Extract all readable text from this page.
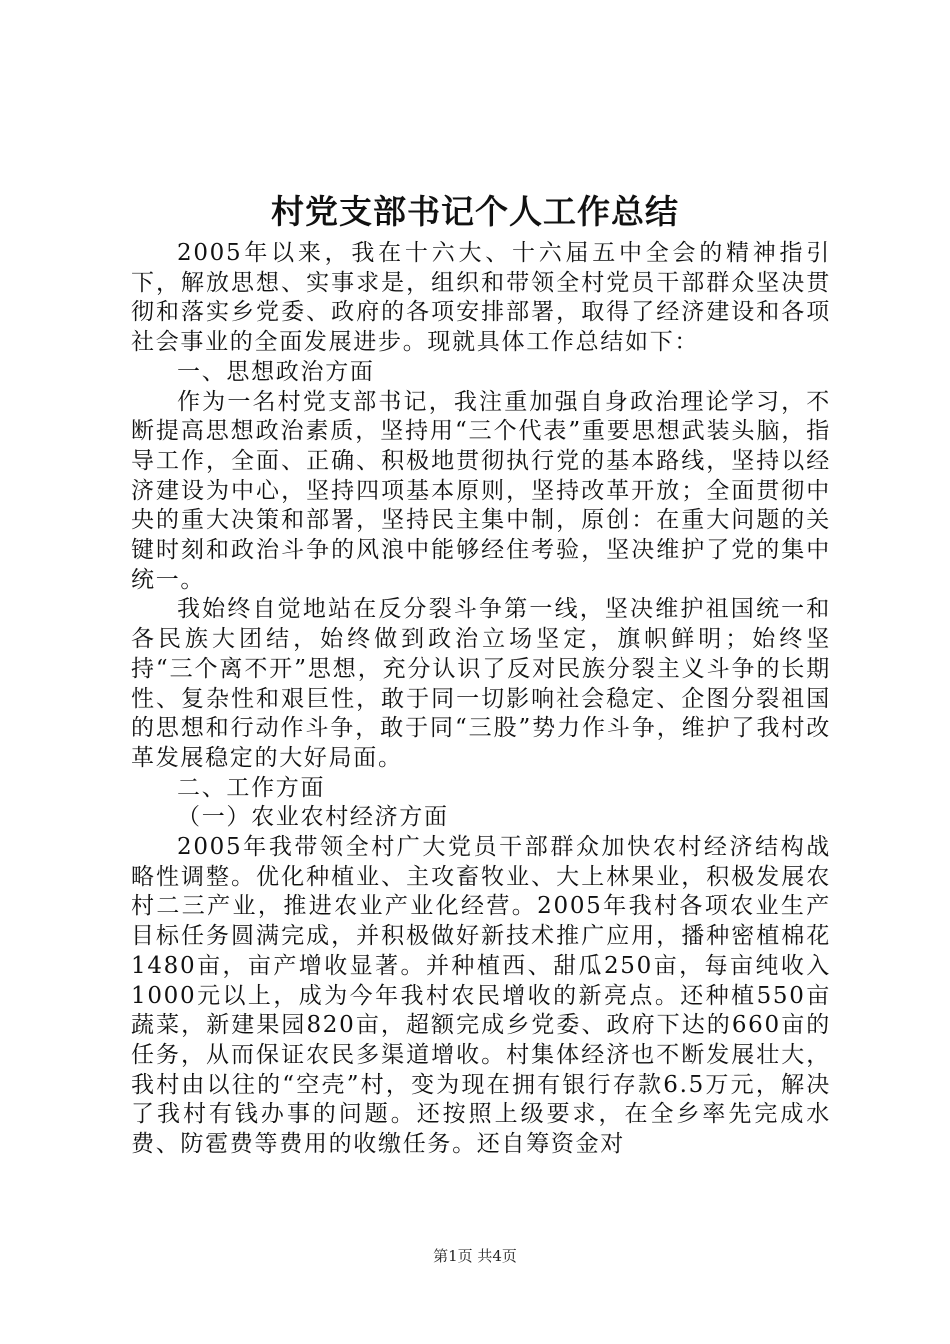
村党支部书记个人工作总结

2005年以来，我在十六大、十六届五中全会的精神指引下，解放思想、实事求是，组织和带领全村党员干部群众坚决贯彻和落实乡党委、政府的各项安排部署，取得了经济建设和各项社会事业的全面发展进步。现就具体工作总结如下：

一、思想政治方面

作为一名村党支部书记，我注重加强自身政治理论学习，不断提高思想政治素质，坚持用“三个代表”重要思想武装头脑，指导工作，全面、正确、积极地贯彻执行党的基本路线，坚持以经济建设为中心，坚持四项基本原则，坚持改革开放；全面贯彻中央的重大决策和部署，坚持民主集中制，原创：在重大问题的关键时刻和政治斗争的风浪中能够经住考验，坚决维护了党的集中统一。

我始终自觉地站在反分裂斗争第一线，坚决维护祖国统一和各民族大团结，始终做到政治立场坚定，旗帜鲜明；始终坚持“三个离不开”思想，充分认识了反对民族分裂主义斗争的长期性、复杂性和艰巨性，敢于同一切影响社会稳定、企图分裂祖国的思想和行动作斗争，敢于同“三股”势力作斗争，维护了我村改革发展稳定的大好局面。

二、工作方面

（一）农业农村经济方面

2005年我带领全村广大党员干部群众加快农村经济结构战略性调整。优化种植业、主攻畜牧业、大上林果业，积极发展农村二三产业，推进农业产业化经营。2005年我村各项农业生产目标任务圆满完成，并积极做好新技术推广应用，播种密植棉花1480亩，亩产增收显著。并种植西、甜瓜250亩，每亩纯收入1000元以上，成为今年我村农民增收的新亮点。还种植550亩蔬菜，新建果园820亩，超额完成乡党委、政府下达的660亩的任务，从而保证农民多渠道增收。村集体经济也不断发展壮大，我村由以往的“空壳”村，变为现在拥有银行存款6.5万元，解决了我村有钱办事的问题。还按照上级要求，在全乡率先完成水费、防雹费等费用的收缴任务。还自筹资金对

第1页 共4页
